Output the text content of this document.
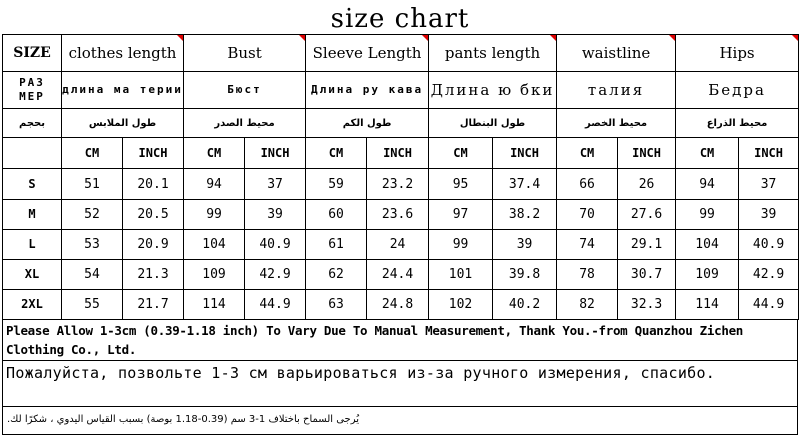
size chart
SIZE	clothes length		Bust		Sleeve Length		pants length		waistline		Hips	

РАЗ МЕР	длина ма терии		Бюст		Длина ру кава		Длина ю бки		талия		Бедра	

بحجم	طول الملابس		محيط الصدر		طول الكم		طول البنطال		محيط الخصر		محيط الذراع	
	CM	INCH	CM	INCH	CM	INCH	CM	INCH	CM	INCH	CM	INCH
S	51	20.1	94	37	59	23.2	95	37.4	66	26	94	37
M	52	20.5	99	39	60	23.6	97	38.2	70	27.6	99	39
L	53	20.9	104	40.9	61	24	99	39	74	29.1	104	40.9
XL	54	21.3	109	42.9	62	24.4	101	39.8	78	30.7	109	42.9
2XL	55	21.7	114	44.9	63	24.8	102	40.2	82	32.3	114	44.9
Please Allow 1-3cm (0.39-1.18 inch) To Vary Due To Manual Measurement, Thank You.-from Quanzhou Zichen Clothing Co., Ltd.
Пожалуйста, позвольте 1-3 см варьироваться из-за ручного измерения, спасибо.
يُرجى السماح باختلاف 1-3 سم (0.39-1.18 بوصة) بسبب القياس اليدوي ، شكرًا لك.
